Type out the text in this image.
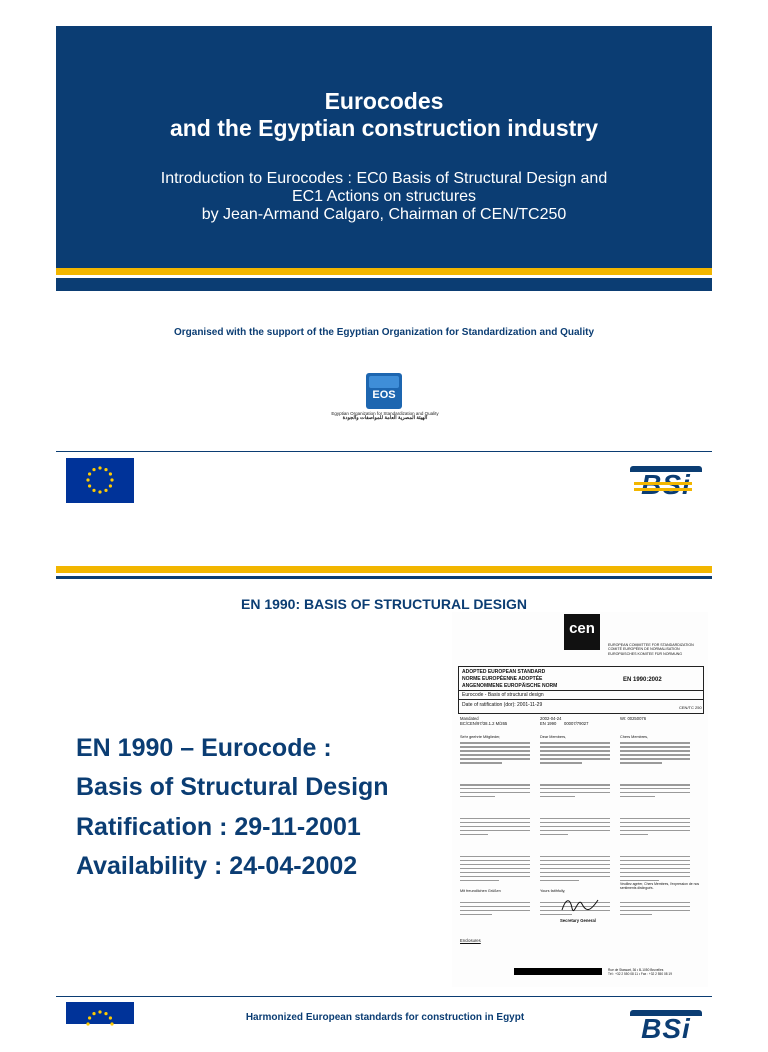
Eurocodes
and the Egyptian construction industry
Introduction to Eurocodes : EC0 Basis of Structural Design and
EC1 Actions on structures
by Jean-Armand Calgaro, Chairman of CEN/TC250
Organised with the support of the Egyptian Organization for Standardization and Quality
EOS
Egyptian Organization for Standardization and Quality
الهيئة المصرية العامة للمواصفات والجودة
EN 1990: BASIS OF STRUCTURAL DESIGN
EN 1990 – Eurocode :
Basis of Structural Design
Ratification : 29-11-2001
Availability : 24-04-2002
cen
EUROPEAN COMMITTEE FOR STANDARDIZATION
COMITÉ EUROPÉEN DE NORMALISATION
EUROPÄISCHES KOMITEE FÜR NORMUNG
ADOPTED EUROPEAN STANDARD
NORME EUROPÉENNE ADOPTÉE
ANGENOMMENE EUROPÄISCHE NORM
EN 1990:2002
Eurocode - Basis of structural design
Date of ratification (dor): 2001-11-29	CEN/TC 250
Mandated
BC/CEN/97/38.1.2 M/265
2002-04-24
EN 1990	00007/79027
WI: 00250076
Sehr geehrte Mitglieder,	Dear Members,	Chers Membres,

Mit freundlichen Grüßen	Yours faithfully,
Veuillez agréer, Chers Membres, l'expression de nos sentiments distingués.
Secretary General
Enclosures
Rue de Stassart, 36 • B-1050 Bruxelles
Tél : +32 2 550 08 11 • Fax : +32 2 550 08 19
Harmonized European standards for construction in Egypt	BSi
